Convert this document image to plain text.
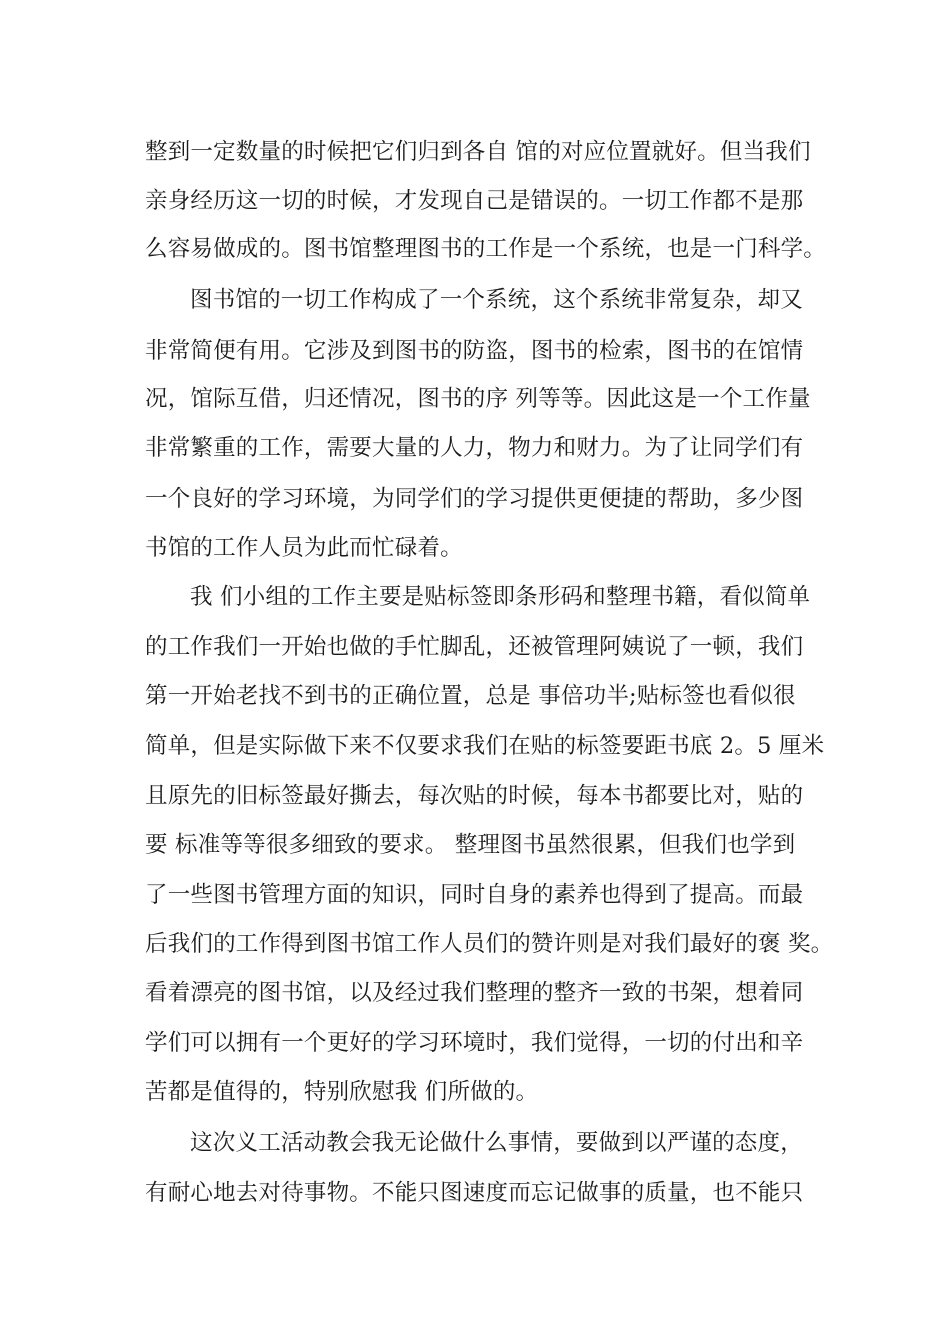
整到一定数量的时候把它们归到各自 馆的对应位置就好。但当我们
亲身经历这一切的时候，才发现自己是错误的。一切工作都不是那
么容易做成的。图书馆整理图书的工作是一个系统，也是一门科学。
图书馆的一切工作构成了一个系统，这个系统非常复杂，却又
非常简便有用。它涉及到图书的防盗，图书的检索，图书的在馆情
况，馆际互借，归还情况，图书的序 列等等。因此这是一个工作量
非常繁重的工作，需要大量的人力，物力和财力。为了让同学们有
一个良好的学习环境，为同学们的学习提供更便捷的帮助，多少图
书馆的工作人员为此而忙碌着。
我 们小组的工作主要是贴标签即条形码和整理书籍，看似简单
的工作我们一开始也做的手忙脚乱，还被管理阿姨说了一顿，我们
第一开始老找不到书的正确位置，总是 事倍功半;贴标签也看似很
简单，但是实际做下来不仅要求我们在贴的标签要距书底 2。5 厘米
且原先的旧标签最好撕去，每次贴的时候，每本书都要比对，贴的
要 标准等等很多细致的要求。 整理图书虽然很累，但我们也学到
了一些图书管理方面的知识，同时自身的素养也得到了提高。而最
后我们的工作得到图书馆工作人员们的赞许则是对我们最好的褒 奖。
看着漂亮的图书馆，以及经过我们整理的整齐一致的书架，想着同
学们可以拥有一个更好的学习环境时，我们觉得，一切的付出和辛
苦都是值得的，特别欣慰我 们所做的。
这次义工活动教会我无论做什么事情，要做到以严谨的态度，
有耐心地去对待事物。不能只图速度而忘记做事的质量，也不能只
